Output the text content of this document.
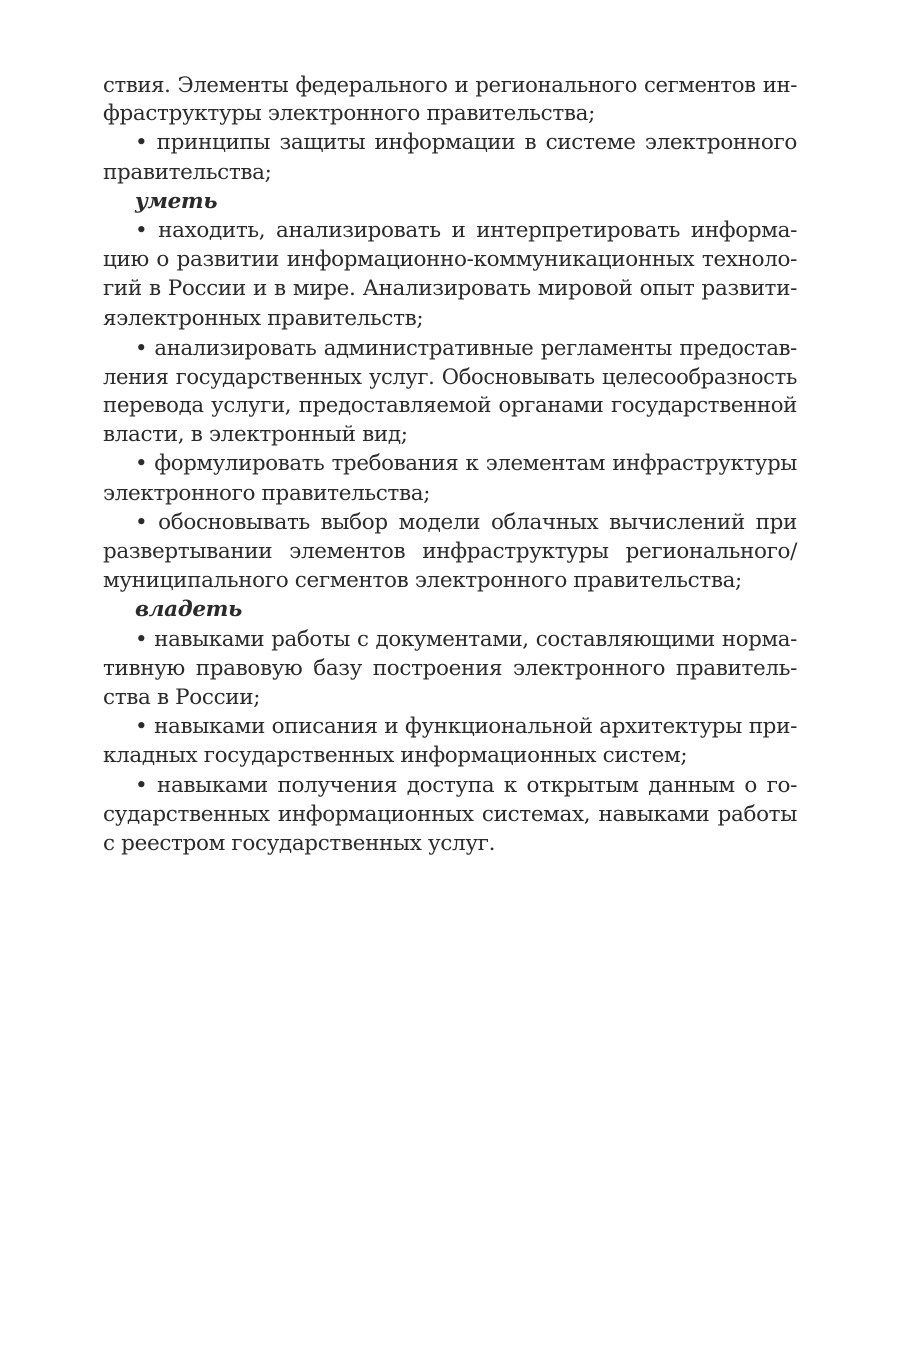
ствия. Элементы федерального и регионального сегментов ин-
фраструктуры электронного правительства;
• принципы защиты информации в системе электронного
правительства;
уметь
• находить, анализировать и интерпретировать информа-
цию о развитии информационно-коммуникационных техноло-
гий в России и в мире. Анализировать мировой опыт развити-
яэлектронных правительств;
• анализировать административные регламенты предостав-
ления государственных услуг. Обосновывать целесообразность
перевода услуги, предоставляемой органами государственной
власти, в электронный вид;
• формулировать требования к элементам инфраструктуры
электронного правительства;
• обосновывать выбор модели облачных вычислений при
развертывании элементов инфраструктуры регионального/
муниципального сегментов электронного правительства;
владеть
• навыками работы с документами, составляющими норма-
тивную правовую базу построения электронного правитель-
ства в России;
• навыками описания и функциональной архитектуры при-
кладных государственных информационных систем;
• навыками получения доступа к открытым данным о го-
сударственных информационных системах, навыками работы
с реестром государственных услуг.
